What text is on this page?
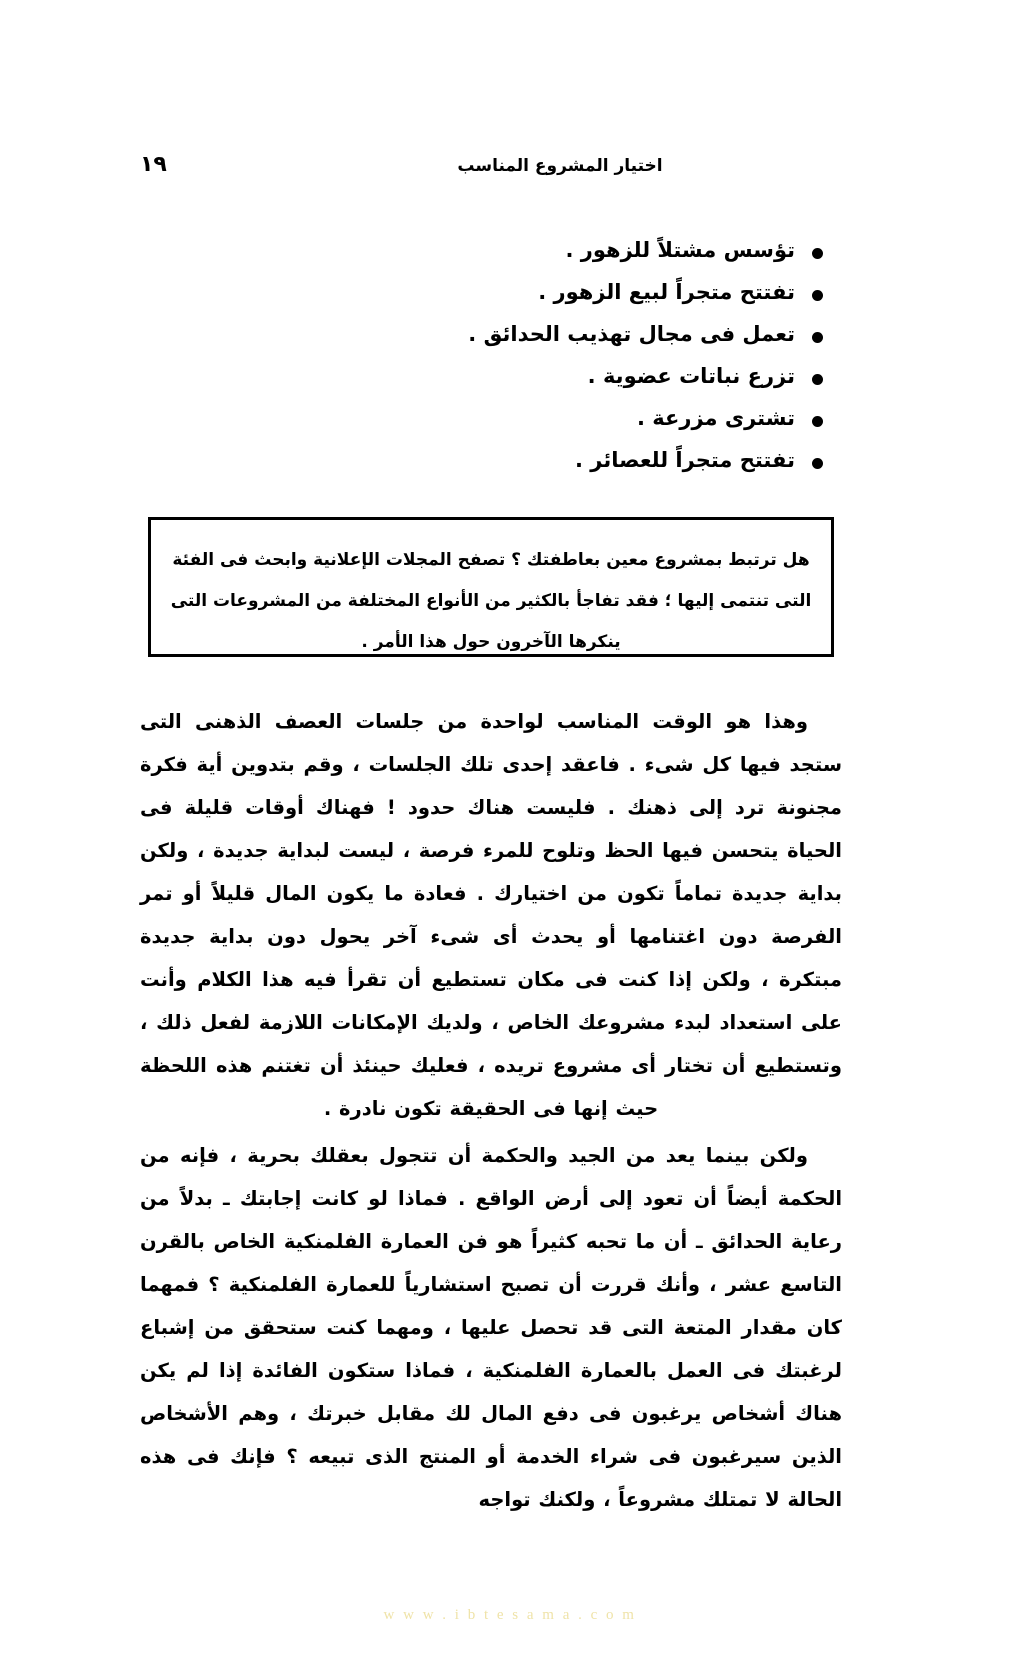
١٩	اختيار المشروع المناسب
تؤسس مشتلاً للزهور .
تفتتح متجراً لبيع الزهور .
تعمل فى مجال تهذيب الحدائق .
تزرع نباتات عضوية .
تشترى مزرعة .
تفتتح متجراً للعصائر .

هل ترتبط بمشروع معين بعاطفتك ؟ تصفح المجلات الإعلانية وابحث فى الفئة

التى تنتمى إليها ؛ فقد تفاجأ بالكثير من الأنواع المختلفة من المشروعات التى

ينكرها الآخرون حول هذا الأمر .

وهذا هو الوقت المناسب لواحدة من جلسات العصف الذهنى التى ستجد فيها كل شىء . فاعقد إحدى تلك الجلسات ، وقم بتدوين أية فكرة مجنونة ترد إلى ذهنك . فليست هناك حدود ! فهناك أوقات قليلة فى الحياة يتحسن فيها الحظ وتلوح للمرء فرصة ، ليست لبداية جديدة ، ولكن بداية جديدة تماماً تكون من اختيارك . فعادة ما يكون المال قليلاً أو تمر الفرصة دون اغتنامها أو يحدث أى شىء آخر يحول دون بداية جديدة مبتكرة ، ولكن إذا كنت فى مكان تستطيع أن تقرأ فيه هذا الكلام وأنت على استعداد لبدء مشروعك الخاص ، ولديك الإمكانات اللازمة لفعل ذلك ، وتستطيع أن تختار أى مشروع تريده ، فعليك حينئذ أن تغتنم هذه اللحظة حيث إنها فى الحقيقة تكون نادرة .

ولكن بينما يعد من الجيد والحكمة أن تتجول بعقلك بحرية ، فإنه من الحكمة أيضاً أن تعود إلى أرض الواقع . فماذا لو كانت إجابتك ـ بدلاً من رعاية الحدائق ـ أن ما تحبه كثيراً هو فن العمارة الفلمنكية الخاص بالقرن التاسع عشر ، وأنك قررت أن تصبح استشارياً للعمارة الفلمنكية ؟ فمهما كان مقدار المتعة التى قد تحصل عليها ، ومهما كنت ستحقق من إشباع لرغبتك فى العمل بالعمارة الفلمنكية ، فماذا ستكون الفائدة إذا لم يكن هناك أشخاص يرغبون فى دفع المال لك مقابل خبرتك ، وهم الأشخاص الذين سيرغبون فى شراء الخدمة أو المنتج الذى تبيعه ؟ فإنك فى هذه الحالة لا تمتلك مشروعاً ، ولكنك تواجه

w w w . i b t e s a m a . c o m
